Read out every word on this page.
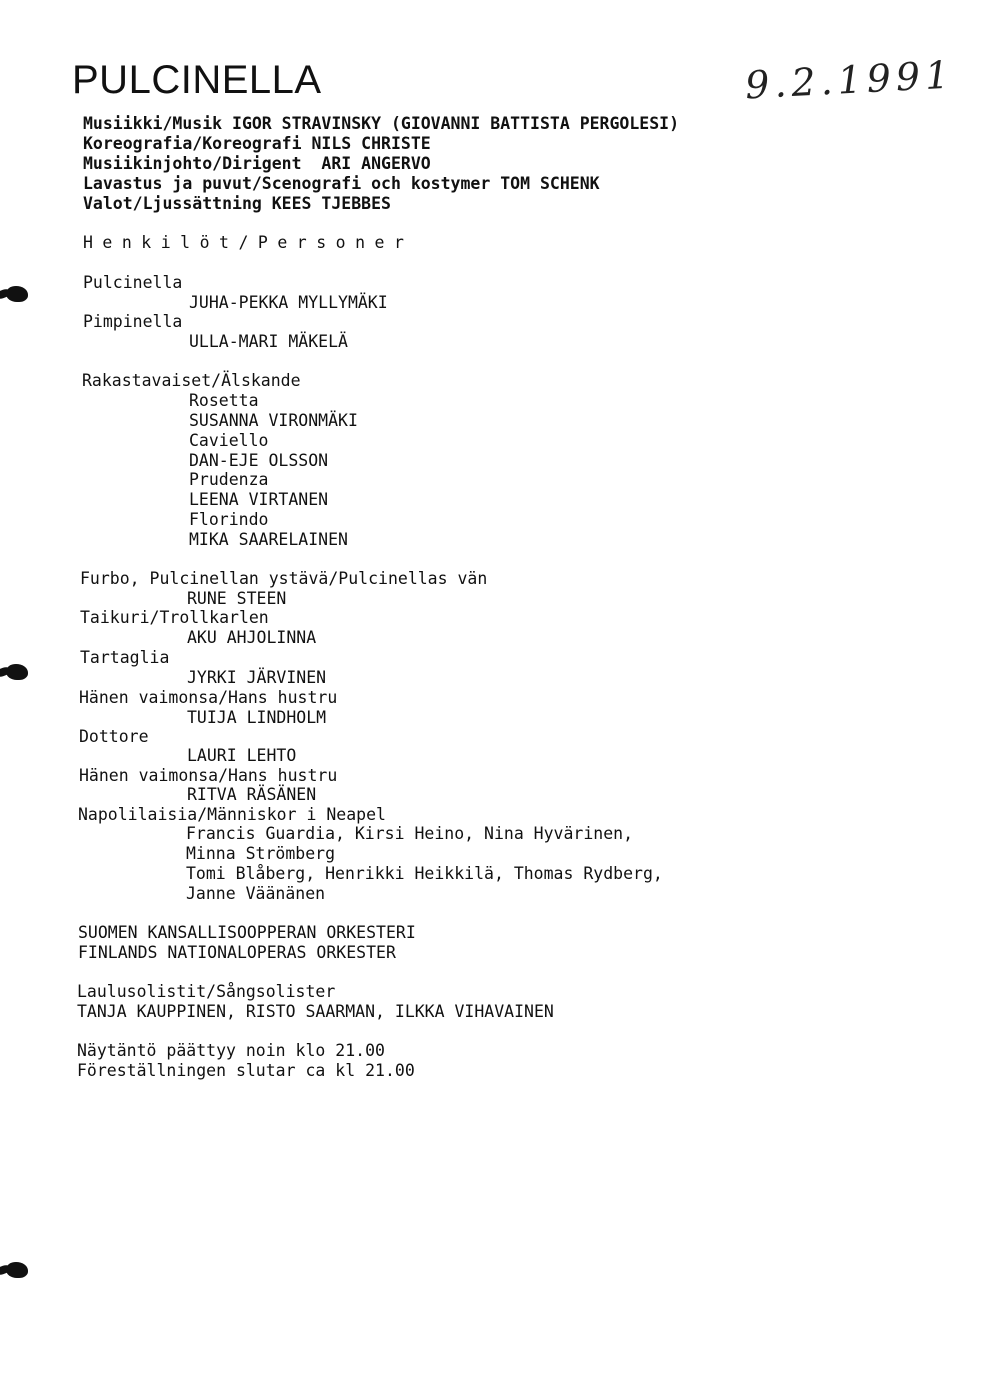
PULCINELLA	9.2.1991
Musiikki/Musik IGOR STRAVINSKY (GIOVANNI BATTISTA PERGOLESI)
Koreografia/Koreografi NILS CHRISTE
Musiikinjohto/Dirigent  ARI ANGERVO
Lavastus ja puvut/Scenografi och kostymer TOM SCHENK
Valot/Ljussättning KEES TJEBBES
Henkilöt/Personer
Pulcinella
JUHA-PEKKA MYLLYMÄKI
Pimpinella
ULLA-MARI MÄKELÄ
Rakastavaiset/Älskande
Rosetta
SUSANNA VIRONMÄKI
Caviello
DAN-EJE OLSSON
Prudenza
LEENA VIRTANEN
Florindo
MIKA SAARELAINEN
Furbo, Pulcinellan ystävä/Pulcinellas vän
RUNE STEEN
Taikuri/Trollkarlen
AKU AHJOLINNA
Tartaglia
JYRKI JÄRVINEN
Hänen vaimonsa/Hans hustru
TUIJA LINDHOLM
Dottore
LAURI LEHTO
Hänen vaimonsa/Hans hustru
RITVA RÄSÄNEN
Napolilaisia/Människor i Neapel
Francis Guardia, Kirsi Heino, Nina Hyvärinen,
Minna Strömberg
Tomi Blåberg, Henrikki Heikkilä, Thomas Rydberg,
Janne Väänänen
SUOMEN KANSALLISOOPPERAN ORKESTERI
FINLANDS NATIONALOPERAS ORKESTER
Laulusolistit/Sångsolister
TANJA KAUPPINEN, RISTO SAARMAN, ILKKA VIHAVAINEN
Näytäntö päättyy noin klo 21.00
Föreställningen slutar ca kl 21.00
